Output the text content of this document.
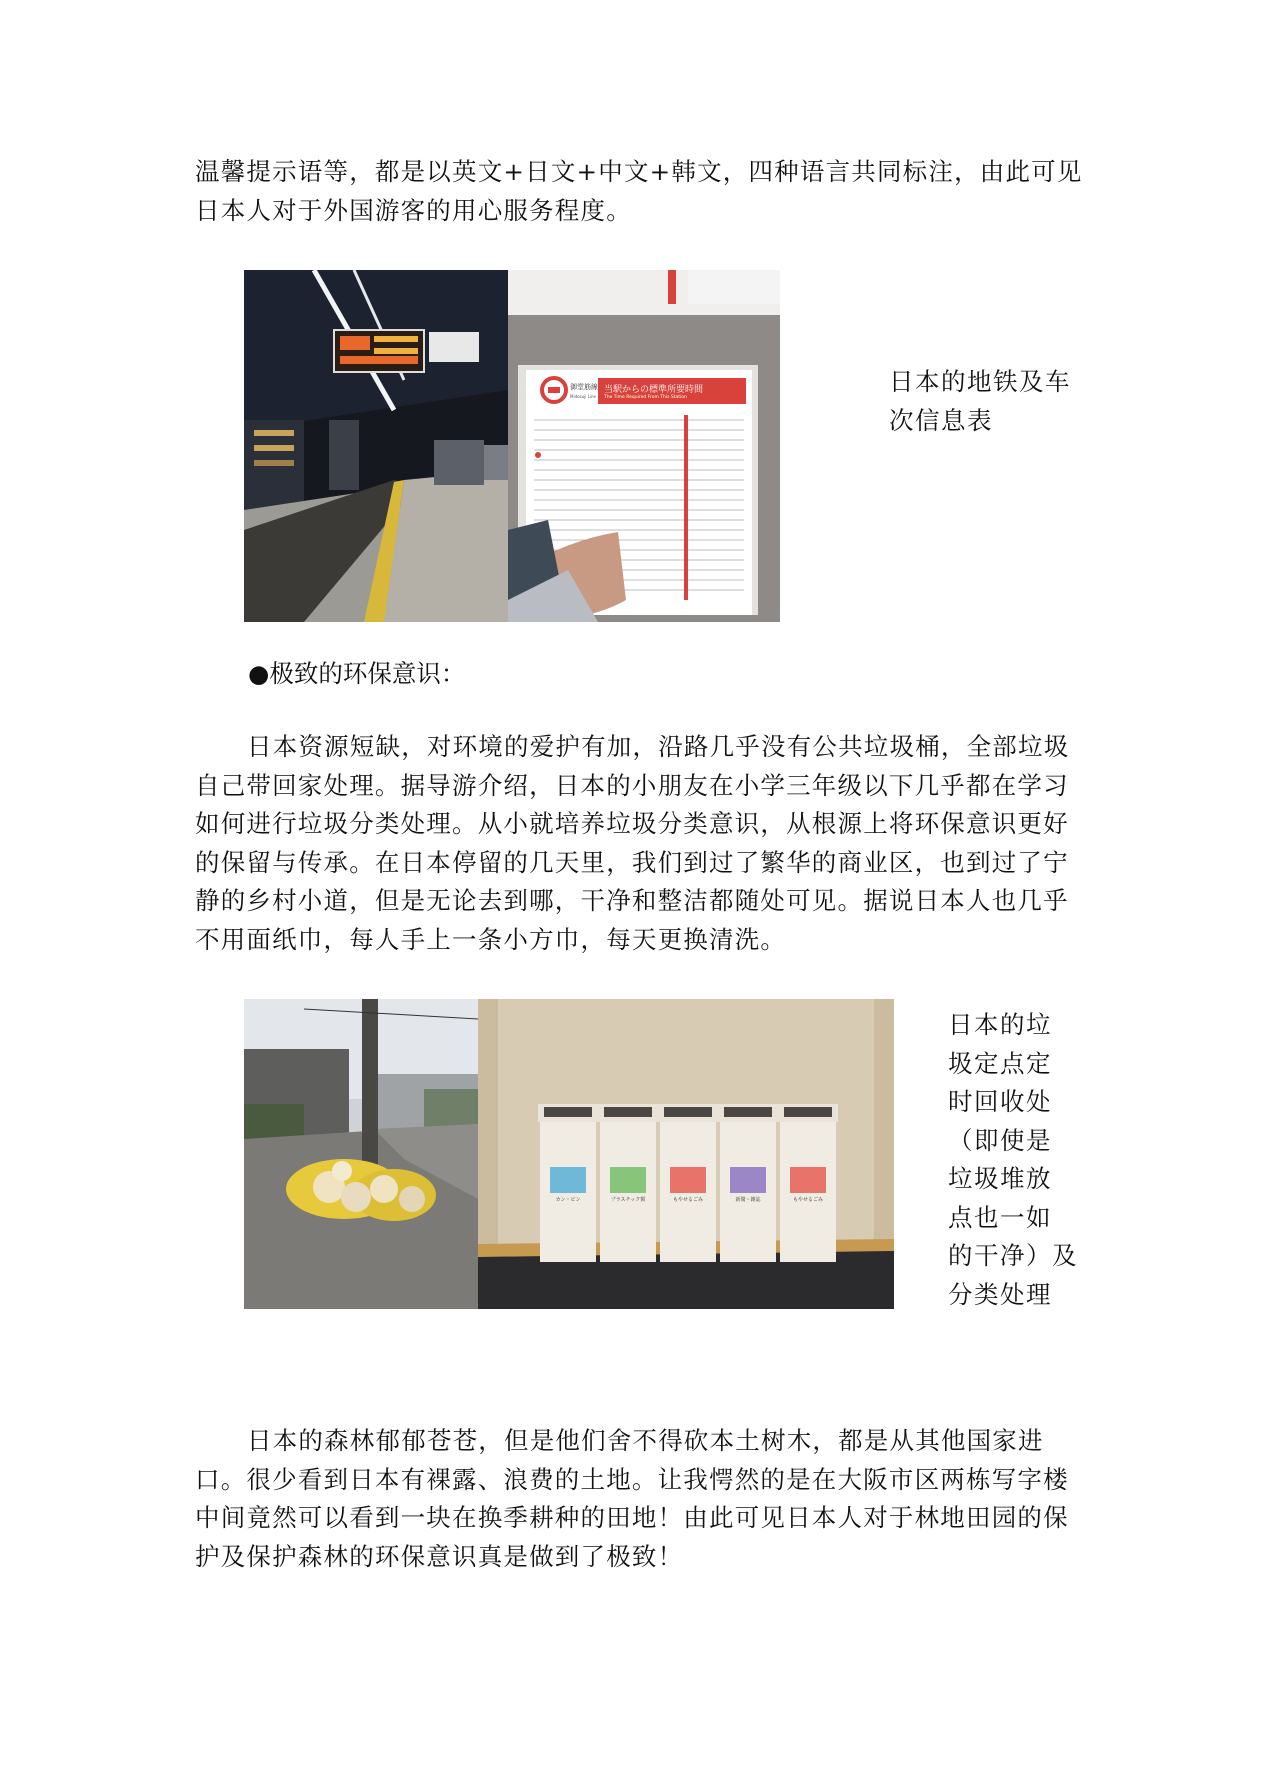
温馨提示语等，都是以英文+日文+中文+韩文，四种语言共同标注，由此可见日本人对于外国游客的用心服务程度。

当駅からの標準所要時間
The Time Required From This Station
御堂筋線
Midosuji Line
日本的地铁及车
次信息表
●极致的环保意识：

日本资源短缺，对环境的爱护有加，沿路几乎没有公共垃圾桶，全部垃圾自己带回家处理。据导游介绍，日本的小朋友在小学三年级以下几乎都在学习如何进行垃圾分类处理。从小就培养垃圾分类意识，从根源上将环保意识更好的保留与传承。在日本停留的几天里，我们到过了繁华的商业区，也到过了宁静的乡村小道，但是无论去到哪，干净和整洁都随处可见。据说日本人也几乎不用面纸巾，每人手上一条小方巾，每天更换清洗。

カン・ビン	プラスチック類	もやせるごみ	新聞・雑誌	もやせるごみ
日本的垃
圾定点定
时回收处
（即使是
垃圾堆放
点也一如
的干净）及
分类处理

日本的森林郁郁苍苍，但是他们舍不得砍本土树木，都是从其他国家进口。很少看到日本有裸露、浪费的土地。让我愕然的是在大阪市区两栋写字楼中间竟然可以看到一块在换季耕种的田地！由此可见日本人对于林地田园的保护及保护森林的环保意识真是做到了极致！
